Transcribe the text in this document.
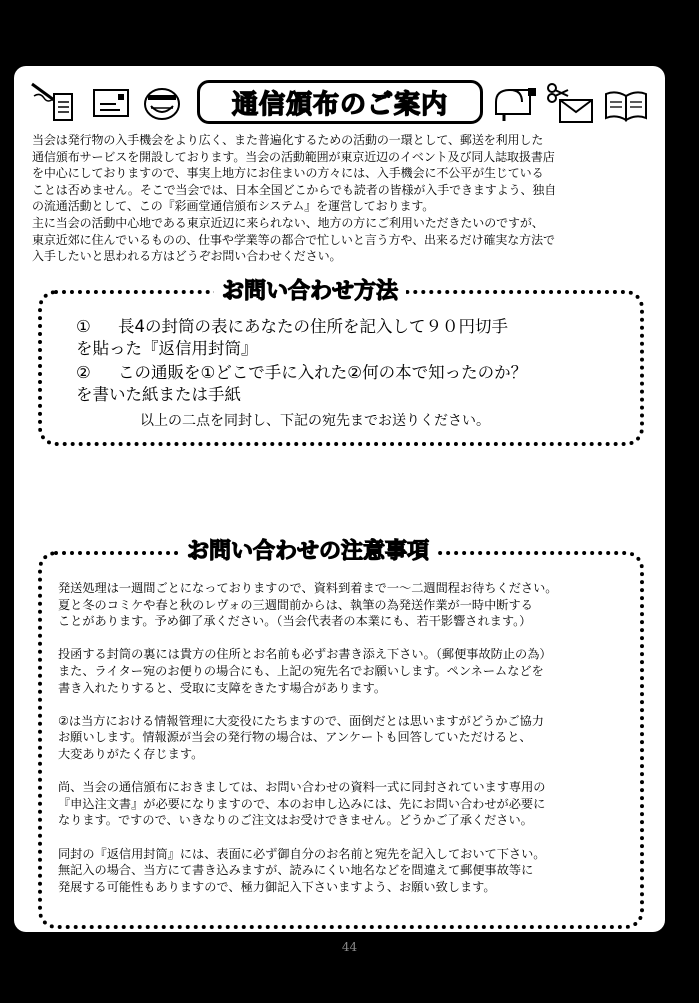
通信頒布のご案内

当会は発行物の入手機会をより広く、また普遍化するための活動の一環として、郵送を利用した

通信頒布サービスを開設しております。当会の活動範囲が東京近辺のイベント及び同人誌取扱書店

を中心にしておりますので、事実上地方にお住まいの方々には、入手機会に不公平が生じている

ことは否めません。そこで当会では、日本全国どこからでも読者の皆様が入手できますよう、独自

の流通活動として、この『彩画堂通信頒布システム』を運営しております。

主に当会の活動中心地である東京近辺に来られない、地方の方にご利用いただきたいのですが、

東京近郊に住んでいるものの、仕事や学業等の都合で忙しいと言う方や、出来るだけ確実な方法で

入手したいと思われる方はどうぞお問い合わせください。

お問い合わせ方法
① 長4の封筒の表にあなたの住所を記入して９０円切手
を貼った『返信用封筒』
② この通販を①どこで手に入れた②何の本で知ったのか？
を書いた紙または手紙
以上の二点を同封し、下記の宛先までお送りください。
お問い合わせの注意事項

発送処理は一週間ごとになっておりますので、資料到着まで一～二週間程お待ちください。
夏と冬のコミケや春と秋のレヴォの三週間前からは、執筆の為発送作業が一時中断する
ことがあります。予め御了承ください。（当会代表者の本業にも、若干影響されます。）

投函する封筒の裏には貴方の住所とお名前も必ずお書き添え下さい。（郵便事故防止の為）
また、ライター宛のお便りの場合にも、上記の宛先名でお願いします。ペンネームなどを
書き入れたりすると、受取に支障をきたす場合があります。

②は当方における情報管理に大変役にたちますので、面倒だとは思いますがどうかご協力
お願いします。情報源が当会の発行物の場合は、アンケートも回答していただけると、
大変ありがたく存じます。

尚、当会の通信頒布におきましては、お問い合わせの資料一式に同封されています専用の
『申込注文書』が必要になりますので、本のお申し込みには、先にお問い合わせが必要に
なります。ですので、いきなりのご注文はお受けできません。どうかご了承ください。

同封の『返信用封筒』には、表面に必ず御自分のお名前と宛先を記入しておいて下さい。
無記入の場合、当方にて書き込みますが、読みにくい地名などを間違えて郵便事故等に
発展する可能性もありますので、極力御記入下さいますよう、お願い致します。

44
